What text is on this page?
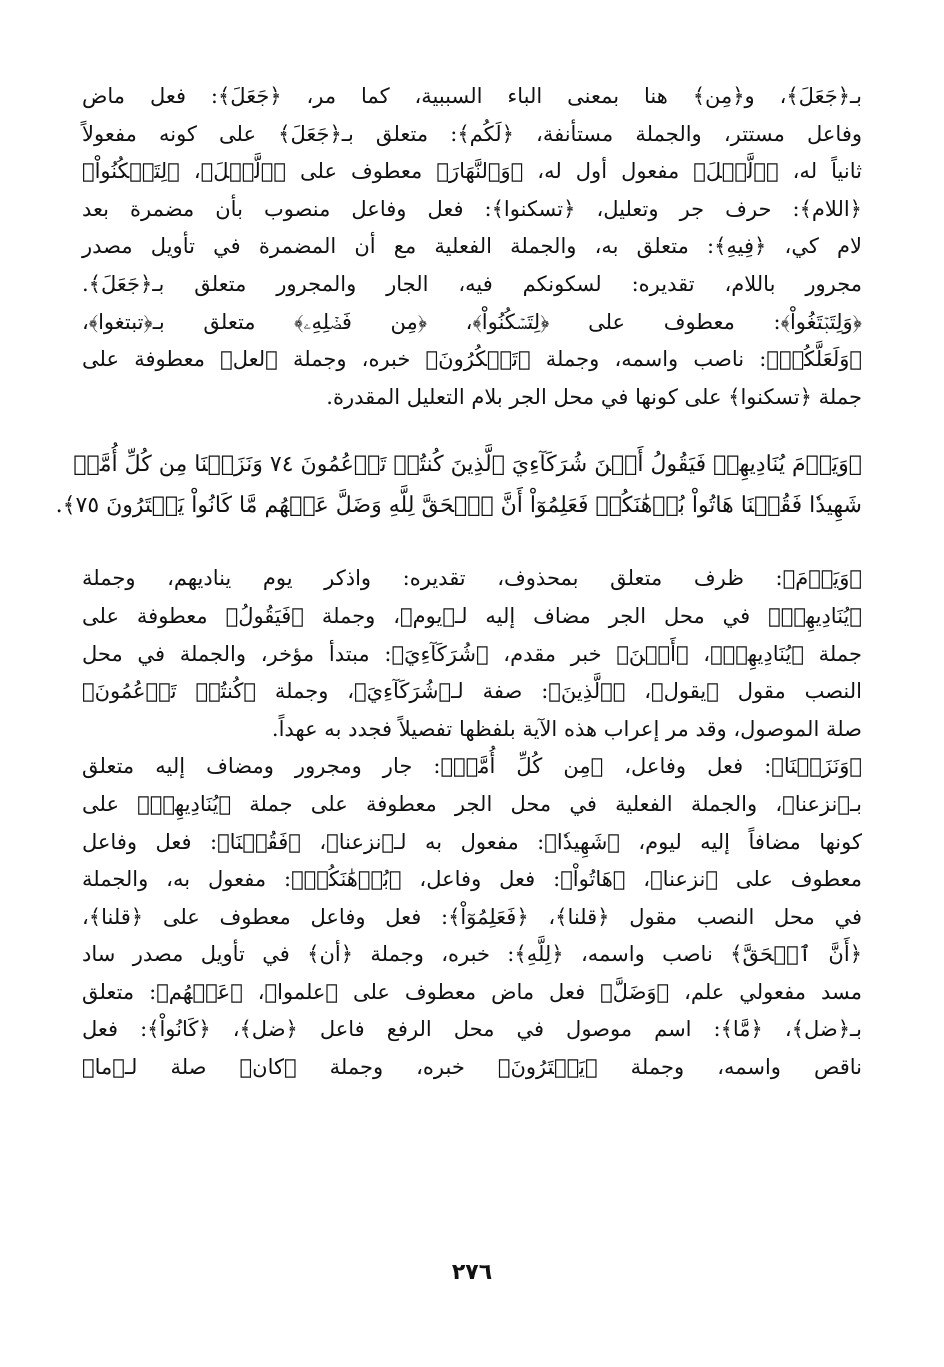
بـ﴿جَعَلَ﴾، و﴿مِن﴾ هنا بمعنى الباء السببية، كما مر، ﴿جَعَلَ﴾: فعل ماض
وفاعل مستتر، والجملة مستأنفة، ﴿لَكُم﴾: متعلق بـ﴿جَعَلَ﴾ على كونه مفعولاً
ثانياً له، ﴿ٱلَّيۡلَ﴾ مفعول أول له، ﴿وَٱلنَّهَارَ﴾ معطوف على ﴿ٱلَّيۡلَ﴾، ﴿لِتَسۡكُنُواْ﴾
﴿اللام﴾: حرف جر وتعليل، ﴿تسكنوا﴾: فعل وفاعل منصوب بأن مضمرة بعد
لام كي، ﴿فِيهِ﴾: متعلق به، والجملة الفعلية مع أن المضمرة في تأويل مصدر
مجرور باللام، تقديره: لسكونكم فيه، الجار والمجرور متعلق بـ﴿جَعَلَ﴾.
﴿وَلِتَبۡتَغُواْ﴾: معطوف على ﴿لِتَسۡكُنُواْ﴾، ﴿مِن فَضۡلِهِۦ﴾ متعلق بـ﴿تبتغوا﴾،
﴿وَلَعَلَّكُمۡ﴾: ناصب واسمه، وجملة ﴿تَشۡكُرُونَ﴾ خبره، وجملة ﴿لعل﴾ معطوفة على
جملة ﴿تسكنوا﴾ على كونها في محل الجر بلام التعليل المقدرة.
﴿وَيَوۡمَ يُنَادِيهِمۡ فَيَقُولُ أَيۡنَ شُرَكَآءِيَ ٱلَّذِينَ كُنتُمۡ تَزۡعُمُونَ ٧٤ وَنَزَعۡنَا مِن كُلِّ أُمَّةٖ
شَهِيدٗا فَقُلۡنَا هَاتُواْ بُرۡهَٰنَكُمۡ فَعَلِمُوٓاْ أَنَّ ٱلۡحَقَّ لِلَّهِ وَضَلَّ عَنۡهُم مَّا كَانُواْ يَفۡتَرُونَ ٧٥﴾.
﴿وَيَوۡمَ﴾: ظرف متعلق بمحذوف، تقديره: واذكر يوم يناديهم، وجملة
﴿يُنَادِيهِمۡ﴾ في محل الجر مضاف إليه لـ﴿يوم﴾، وجملة ﴿فَيَقُولُ﴾ معطوفة على
جملة ﴿يُنَادِيهِمۡ﴾، ﴿أَيۡنَ﴾ خبر مقدم، ﴿شُرَكَآءِيَ﴾: مبتدأ مؤخر، والجملة في محل
النصب مقول ﴿يقول﴾، ﴿ٱلَّذِينَ﴾: صفة لـ﴿شُرَكَآءِيَ﴾، وجملة ﴿كُنتُمۡ تَزۡعُمُونَ﴾
صلة الموصول، وقد مر إعراب هذه الآية بلفظها تفصيلاً فجدد به عهداً.
﴿وَنَزَعۡنَا﴾: فعل وفاعل، ﴿مِن كُلِّ أُمَّةٖ﴾: جار ومجرور ومضاف إليه متعلق
بـ﴿نزعنا﴾، والجملة الفعلية في محل الجر معطوفة على جملة ﴿يُنَادِيهِمۡ﴾ على
كونها مضافاً إليه ليوم، ﴿شَهِيدٗا﴾: مفعول به لـ﴿نزعنا﴾، ﴿فَقُلۡنَا﴾: فعل وفاعل
معطوف على ﴿نزعنا﴾، ﴿هَاتُواْ﴾: فعل وفاعل، ﴿بُرۡهَٰنَكُمۡ﴾: مفعول به، والجملة
في محل النصب مقول ﴿قلنا﴾، ﴿فَعَلِمُوٓاْ﴾: فعل وفاعل معطوف على ﴿قلنا﴾،
﴿أَنَّ ٱلۡحَقَّ﴾ ناصب واسمه، ﴿لِلَّهِ﴾: خبره، وجملة ﴿أن﴾ في تأويل مصدر ساد
مسد مفعولي علم، ﴿وَضَلَّ﴾ فعل ماض معطوف على ﴿علموا﴾، ﴿عَنۡهُم﴾: متعلق
بـ﴿ضل﴾، ﴿مَّا﴾: اسم موصول في محل الرفع فاعل ﴿ضل﴾، ﴿كَانُواْ﴾: فعل
ناقص واسمه، وجملة ﴿يَفۡتَرُونَ﴾ خبره، وجملة ﴿كان﴾ صلة لـ﴿ما﴾
٢٧٦
